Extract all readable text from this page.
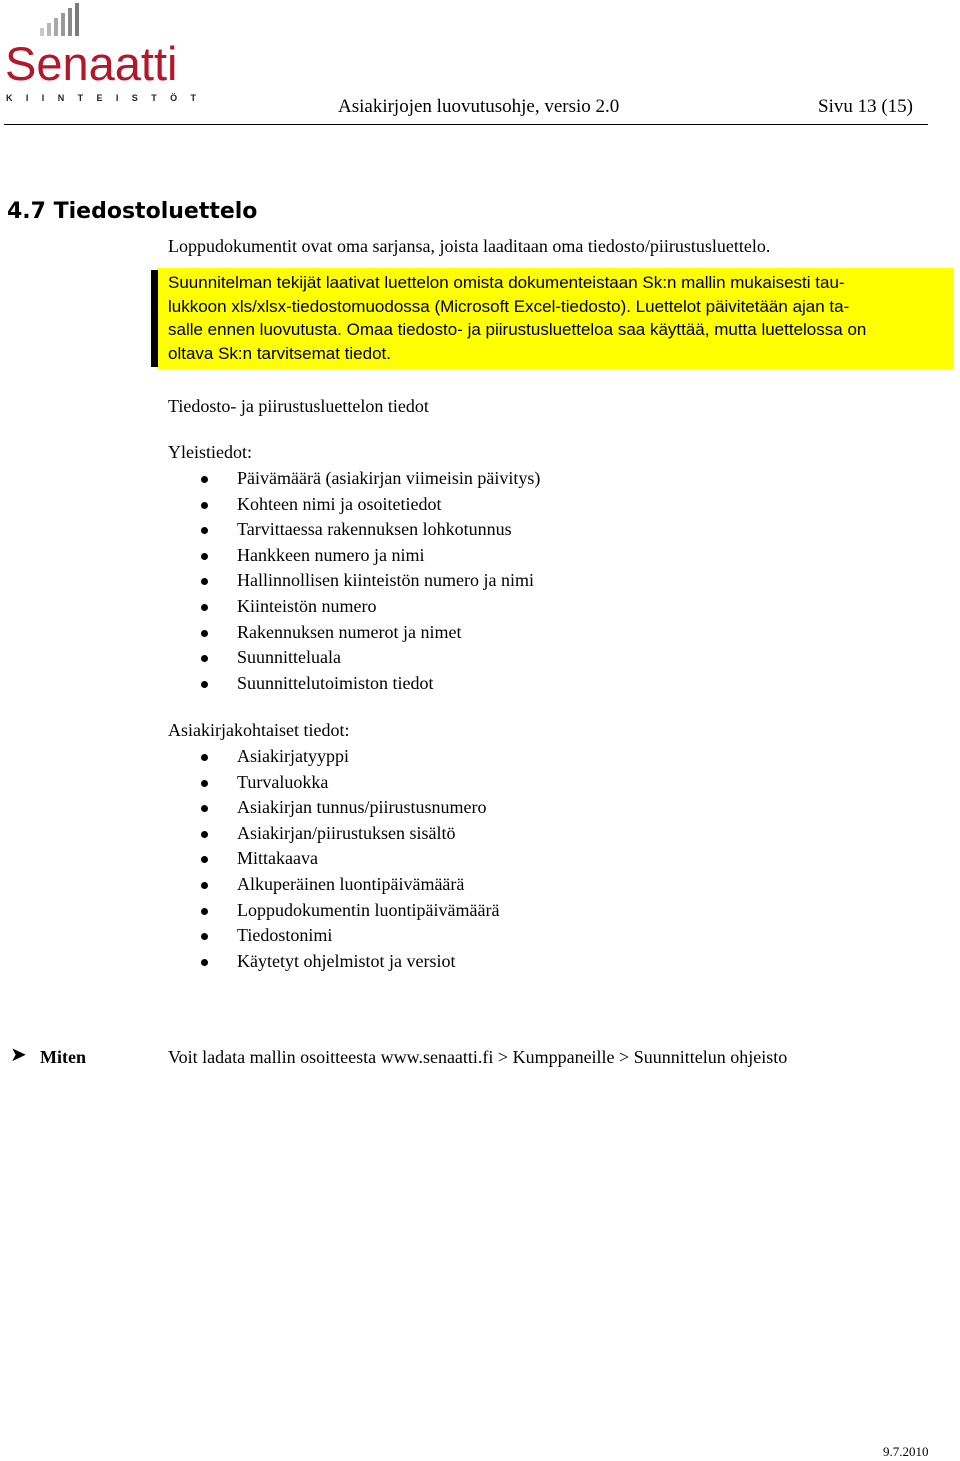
Senaatti
KIINTEISTÖT	Asiakirjojen luovutusohje, versio 2.0	Sivu 13 (15)
4.7 Tiedostoluettelo
Loppudokumentit ovat oma sarjansa, joista laaditaan oma tiedosto/piirustusluettelo.
Suunnitelman tekijät laativat luettelon omista dokumenteistaan Sk:n mallin mukaisesti tau-
lukkoon xls/xlsx-tiedostomuodossa (Microsoft Excel-tiedosto). Luettelot päivitetään ajan ta-
salle ennen luovutusta. Omaa tiedosto- ja piirustusluetteloa saa käyttää, mutta luettelossa on
oltava Sk:n tarvitsemat tiedot.
Tiedosto- ja piirustusluettelon tiedot
Yleistiedot:
Päivämäärä (asiakirjan viimeisin päivitys)
Kohteen nimi ja osoitetiedot
Tarvittaessa rakennuksen lohkotunnus
Hankkeen numero ja nimi
Hallinnollisen kiinteistön numero ja nimi
Kiinteistön numero
Rakennuksen numerot ja nimet
Suunnitteluala
Suunnittelutoimiston tiedot
Asiakirjakohtaiset tiedot:
Asiakirjatyyppi
Turvaluokka
Asiakirjan tunnus/piirustusnumero
Asiakirjan/piirustuksen sisältö
Mittakaava
Alkuperäinen luontipäivämäärä
Loppudokumentin luontipäivämäärä
Tiedostonimi
Käytetyt ohjelmistot ja versiot
➤ Miten	Voit ladata mallin osoitteesta www.senaatti.fi > Kumppaneille > Suunnittelun ohjeisto
9.7.2010
